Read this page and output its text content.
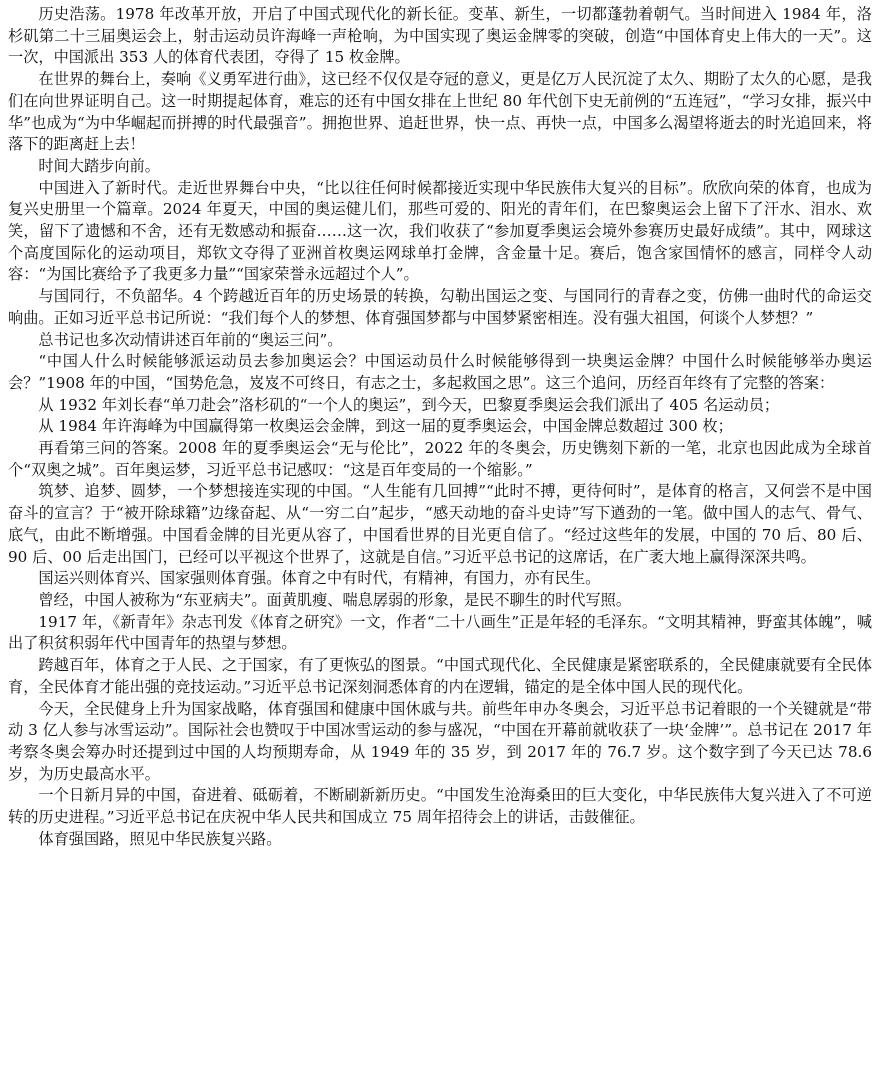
历史浩荡。1978 年改革开放，开启了中国式现代化的新长征。变革、新生，一切都蓬勃着朝气。当时间进入 1984 年，洛杉矶第二十三届奥运会上，射击运动员许海峰一声枪响，为中国实现了奥运金牌零的突破，创造“中国体育史上伟大的一天”。这一次，中国派出 353 人的体育代表团，夺得了 15 枚金牌。

在世界的舞台上，奏响《义勇军进行曲》，这已经不仅仅是夺冠的意义，更是亿万人民沉淀了太久、期盼了太久的心愿，是我们在向世界证明自己。这一时期提起体育，难忘的还有中国女排在上世纪 80 年代创下史无前例的“五连冠”，“学习女排，振兴中华”也成为“为中华崛起而拼搏的时代最强音”。拥抱世界、追赶世界，快一点、再快一点，中国多么渴望将逝去的时光追回来，将落下的距离赶上去！

时间大踏步向前。

中国进入了新时代。走近世界舞台中央，“比以往任何时候都接近实现中华民族伟大复兴的目标”。欣欣向荣的体育，也成为复兴史册里一个篇章。2024 年夏天，中国的奥运健儿们，那些可爱的、阳光的青年们，在巴黎奥运会上留下了汗水、泪水、欢笑，留下了遗憾和不舍，还有无数感动和振奋……这一次，我们收获了“参加夏季奥运会境外参赛历史最好成绩”。其中，网球这个高度国际化的运动项目，郑钦文夺得了亚洲首枚奥运网球单打金牌，含金量十足。赛后，饱含家国情怀的感言，同样令人动容：“为国比赛给予了我更多力量”“国家荣誉永远超过个人”。

与国同行，不负韶华。4 个跨越近百年的历史场景的转换，勾勒出国运之变、与国同行的青春之变，仿佛一曲时代的命运交响曲。正如习近平总书记所说：“我们每个人的梦想、体育强国梦都与中国梦紧密相连。没有强大祖国，何谈个人梦想？”

总书记也多次动情讲述百年前的“奥运三问”。

“中国人什么时候能够派运动员去参加奥运会？中国运动员什么时候能够得到一块奥运金牌？中国什么时候能够举办奥运会？”1908 年的中国，“国势危急，岌岌不可终日，有志之士，多起救国之思”。这三个追问，历经百年终有了完整的答案：

从 1932 年刘长春“单刀赴会”洛杉矶的“一个人的奥运”，到今天，巴黎夏季奥运会我们派出了 405 名运动员；

从 1984 年许海峰为中国赢得第一枚奥运会金牌，到这一届的夏季奥运会，中国金牌总数超过 300 枚；

再看第三问的答案。2008 年的夏季奥运会“无与伦比”，2022 年的冬奥会，历史镌刻下新的一笔，北京也因此成为全球首个“双奥之城”。百年奥运梦，习近平总书记感叹：“这是百年变局的一个缩影。”

筑梦、追梦、圆梦，一个梦想接连实现的中国。“人生能有几回搏”“此时不搏，更待何时”，是体育的格言，又何尝不是中国奋斗的宣言？于“被开除球籍”边缘奋起、从“一穷二白”起步，“感天动地的奋斗史诗”写下遒劲的一笔。做中国人的志气、骨气、底气，由此不断增强。中国看金牌的目光更从容了，中国看世界的目光更自信了。“经过这些年的发展，中国的 70 后、80 后、90 后、00 后走出国门，已经可以平视这个世界了，这就是自信。”习近平总书记的这席话，在广袤大地上赢得深深共鸣。

国运兴则体育兴、国家强则体育强。体育之中有时代，有精神，有国力，亦有民生。

曾经，中国人被称为“东亚病夫”。面黄肌瘦、喘息孱弱的形象，是民不聊生的时代写照。

1917 年，《新青年》杂志刊发《体育之研究》一文，作者“二十八画生”正是年轻的毛泽东。“文明其精神，野蛮其体魄”，喊出了积贫积弱年代中国青年的热望与梦想。

跨越百年，体育之于人民、之于国家，有了更恢弘的图景。“中国式现代化、全民健康是紧密联系的，全民健康就要有全民体育，全民体育才能出强的竞技运动。”习近平总书记深刻洞悉体育的内在逻辑，锚定的是全体中国人民的现代化。

今天，全民健身上升为国家战略，体育强国和健康中国休戚与共。前些年申办冬奥会，习近平总书记着眼的一个关键就是“带动 3 亿人参与冰雪运动”。国际社会也赞叹于中国冰雪运动的参与盛况，“中国在开幕前就收获了一块‘金牌’”。总书记在 2017 年考察冬奥会筹办时还提到过中国的人均预期寿命，从 1949 年的 35 岁，到 2017 年的 76.7 岁。这个数字到了今天已达 78.6 岁，为历史最高水平。

一个日新月异的中国，奋进着、砥砺着，不断刷新新历史。“中国发生沧海桑田的巨大变化，中华民族伟大复兴进入了不可逆转的历史进程。”习近平总书记在庆祝中华人民共和国成立 75 周年招待会上的讲话，击鼓催征。

体育强国路，照见中华民族复兴路。
